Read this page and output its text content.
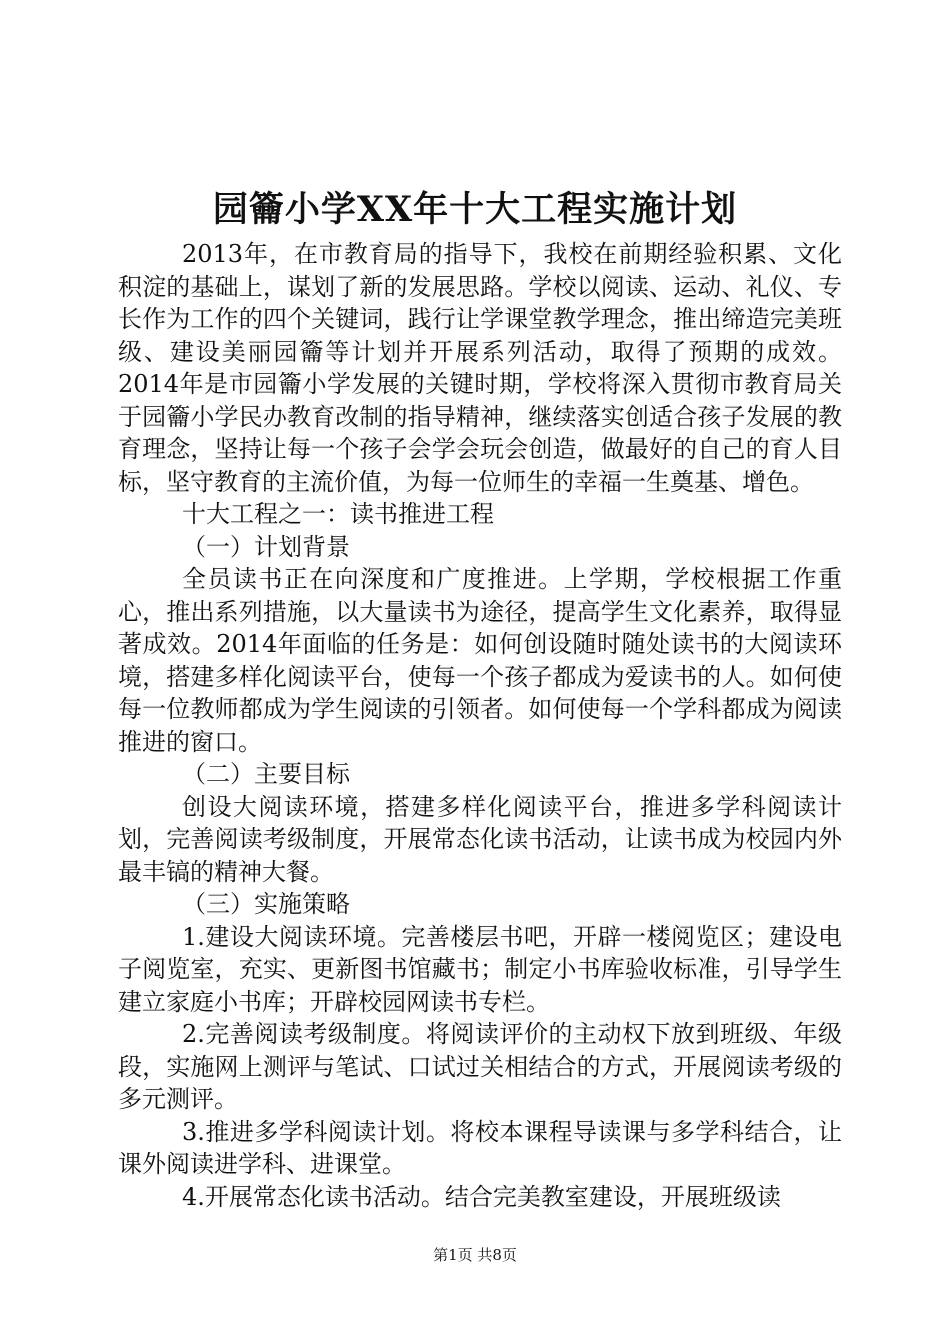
园籥小学XX年十大工程实施计划

2013年，在市教育局的指导下，我校在前期经验积累、文化积淀的基础上，谋划了新的发展思路。学校以阅读、运动、礼仪、专长作为工作的四个关键词，践行让学课堂教学理念，推出缔造完美班级、建设美丽园籥等计划并开展系列活动，取得了预期的成效。2014年是市园籥小学发展的关键时期，学校将深入贯彻市教育局关于园籥小学民办教育改制的指导精神，继续落实创适合孩子发展的教育理念，坚持让每一个孩子会学会玩会创造，做最好的自己的育人目标，坚守教育的主流价值，为每一位师生的幸福一生奠基、增色。

十大工程之一：读书推进工程

（一）计划背景

全员读书正在向深度和广度推进。上学期，学校根据工作重心，推出系列措施，以大量读书为途径，提高学生文化素养，取得显著成效。2014年面临的任务是：如何创设随时随处读书的大阅读环境，搭建多样化阅读平台，使每一个孩子都成为爱读书的人。如何使每一位教师都成为学生阅读的引领者。如何使每一个学科都成为阅读推进的窗口。

（二）主要目标

创设大阅读环境，搭建多样化阅读平台，推进多学科阅读计划，完善阅读考级制度，开展常态化读书活动，让读书成为校园内外最丰镐的精神大餐。

（三）实施策略

1.建设大阅读环境。完善楼层书吧，开辟一楼阅览区；建设电子阅览室，充实、更新图书馆藏书；制定小书库验收标准，引导学生建立家庭小书库；开辟校园网读书专栏。

2.完善阅读考级制度。将阅读评价的主动权下放到班级、年级段，实施网上测评与笔试、口试过关相结合的方式，开展阅读考级的多元测评。

3.推进多学科阅读计划。将校本课程导读课与多学科结合，让课外阅读进学科、进课堂。

4.开展常态化读书活动。结合完美教室建设，开展班级读

第1页 共8页
